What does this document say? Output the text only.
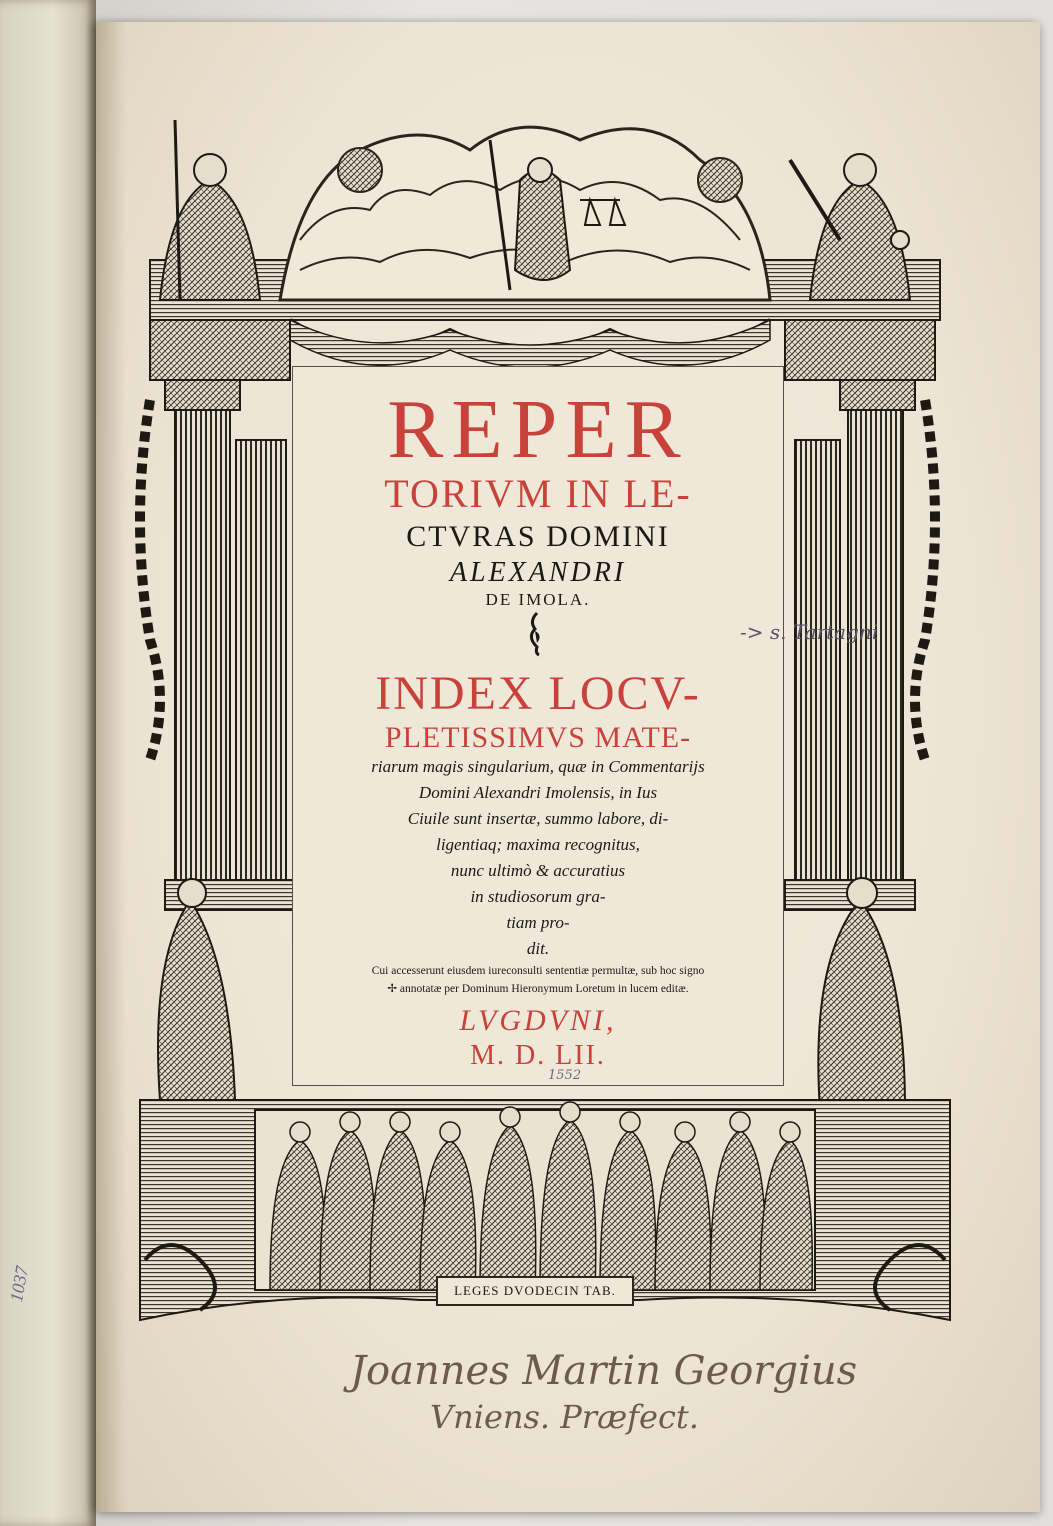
1037
REPER
TORIVM IN LE-
CTVRAS DOMINI
ALEXANDRI
DE IMOLA.
INDEX LOCV-
PLETISSIMVS MATE-
riarum magis singularium, quæ in Commentarijs
Domini Alexandri Imolensis, in Ius
Ciuile sunt insertæ, summo labore, di-
ligentiaq; maxima recognitus,
nunc ultimò & accuratius
in studiosorum gra-
tiam pro-
dit.
Cui accesserunt eiusdem iureconsulti sententiæ permultæ, sub hoc signo
✢ annotatæ per Dominum Hieronymum Loretum in lucem editæ.
LVGDVNI,
M. D. LII.
LEGES DVODECIN TAB.
-> s. Tartagni
1552
Joannes Martin Georgius
Vniens. Præfect.
